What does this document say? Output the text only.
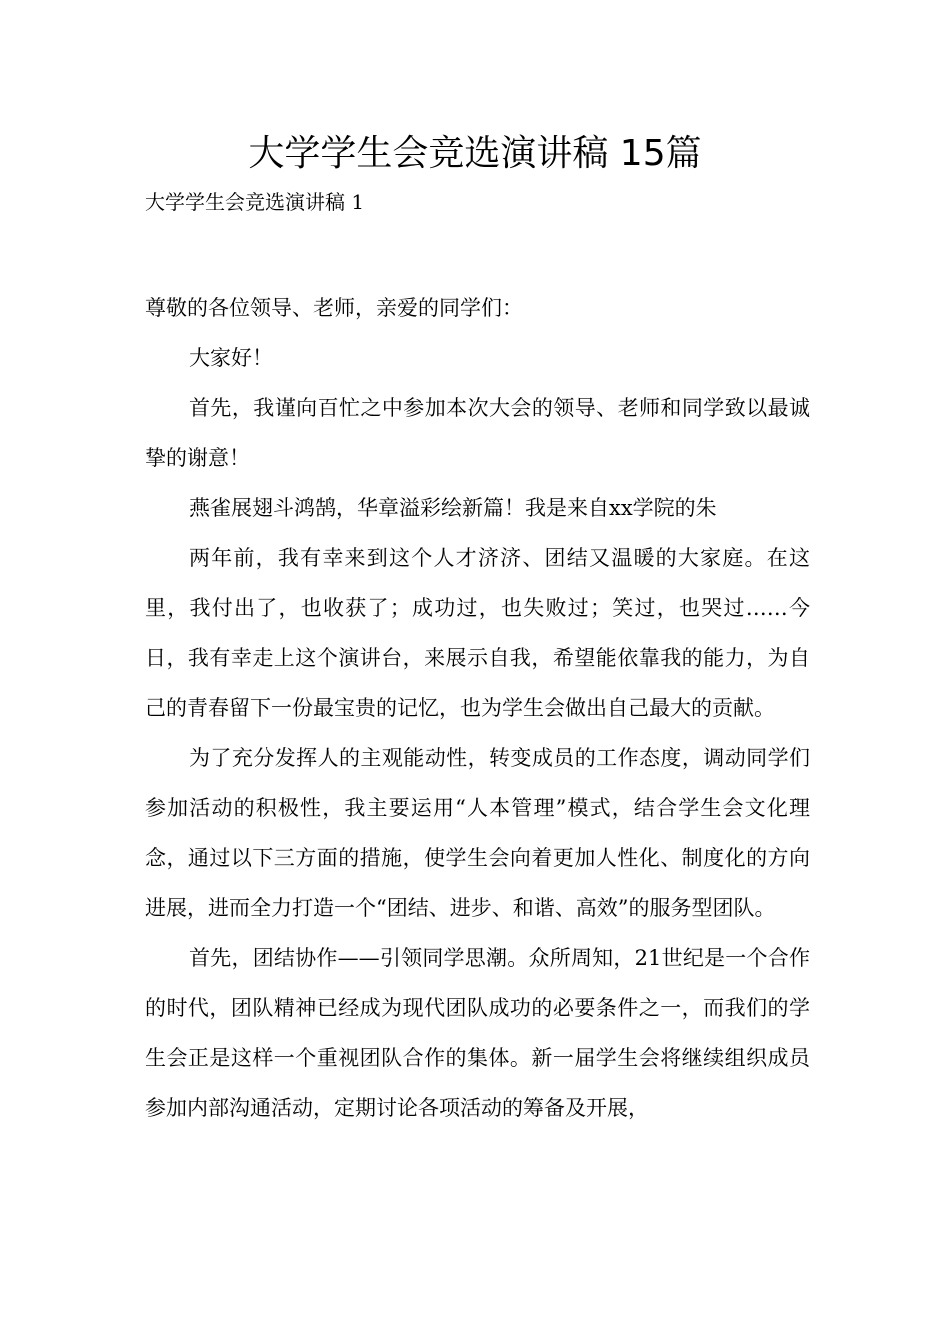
大学学生会竞选演讲稿 15篇
大学学生会竞选演讲稿 1

尊敬的各位领导、老师，亲爱的同学们：

大家好！

首先，我谨向百忙之中参加本次大会的领导、老师和同学致以最诚挚的谢意！

燕雀展翅斗鸿鹄，华章溢彩绘新篇！我是来自xx学院的朱

两年前，我有幸来到这个人才济济、团结又温暖的大家庭。在这里，我付出了，也收获了；成功过，也失败过；笑过，也哭过……今日，我有幸走上这个演讲台，来展示自我，希望能依靠我的能力，为自己的青春留下一份最宝贵的记忆，也为学生会做出自己最大的贡献。

为了充分发挥人的主观能动性，转变成员的工作态度，调动同学们参加活动的积极性，我主要运用“人本管理”模式，结合学生会文化理念，通过以下三方面的措施，使学生会向着更加人性化、制度化的方向进展，进而全力打造一个“团结、进步、和谐、高效”的服务型团队。

首先，团结协作——引领同学思潮。众所周知，21世纪是一个合作的时代，团队精神已经成为现代团队成功的必要条件之一，而我们的学生会正是这样一个重视团队合作的集体。新一届学生会将继续组织成员参加内部沟通活动，定期讨论各项活动的筹备及开展，
